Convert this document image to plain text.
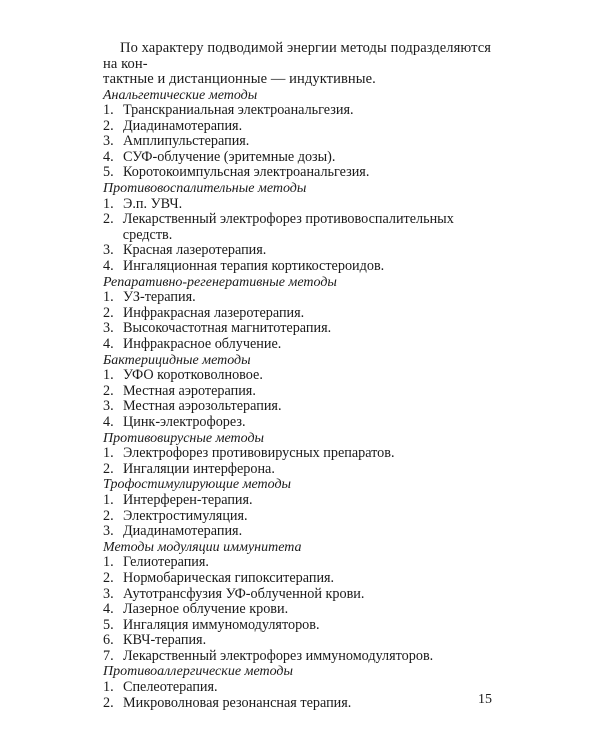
По характеру подводимой энергии методы подразделяются на кон-
тактные и дистанционные — индуктивные.

Анальгетические методы
1. Транскраниальная электроанальгезия.
2. Диадинамотерапия.
3. Амплипульстерапия.
4. СУФ-облучение (эритемные дозы).
5. Коротокоимпульсная электроанальгезия.
Противовоспалительные методы
1. Э.п. УВЧ.
2. Лекарственный электрофорез противовоспалительных средств.
3. Красная лазеротерапия.
4. Ингаляционная терапия кортикостероидов.
Репаративно-регенеративные методы
1. УЗ-терапия.
2. Инфракрасная лазеротерапия.
3. Высокочастотная магнитотерапия.
4. Инфракрасное облучение.
Бактерицидные методы
1. УФО коротковолновое.
2. Местная аэротерапия.
3. Местная аэрозольтерапия.
4. Цинк-электрофорез.
Противовирусные методы
1. Электрофорез противовирусных препаратов.
2. Ингаляции интерферона.
Трофостимулирующие методы
1. Интерферен-терапия.
2. Электростимуляция.
3. Диадинамотерапия.
Методы модуляции иммунитета
1. Гелиотерапия.
2. Нормобарическая гипокситерапия.
3. Аутотрансфузия УФ-облученной крови.
4. Лазерное облучение крови.
5. Ингаляция иммуномодуляторов.
6. КВЧ-терапия.
7. Лекарственный электрофорез иммуномодуляторов.
Противоаллергические методы
1. Спелеотерапия.
2. Микроволновая резонансная терапия.	15
